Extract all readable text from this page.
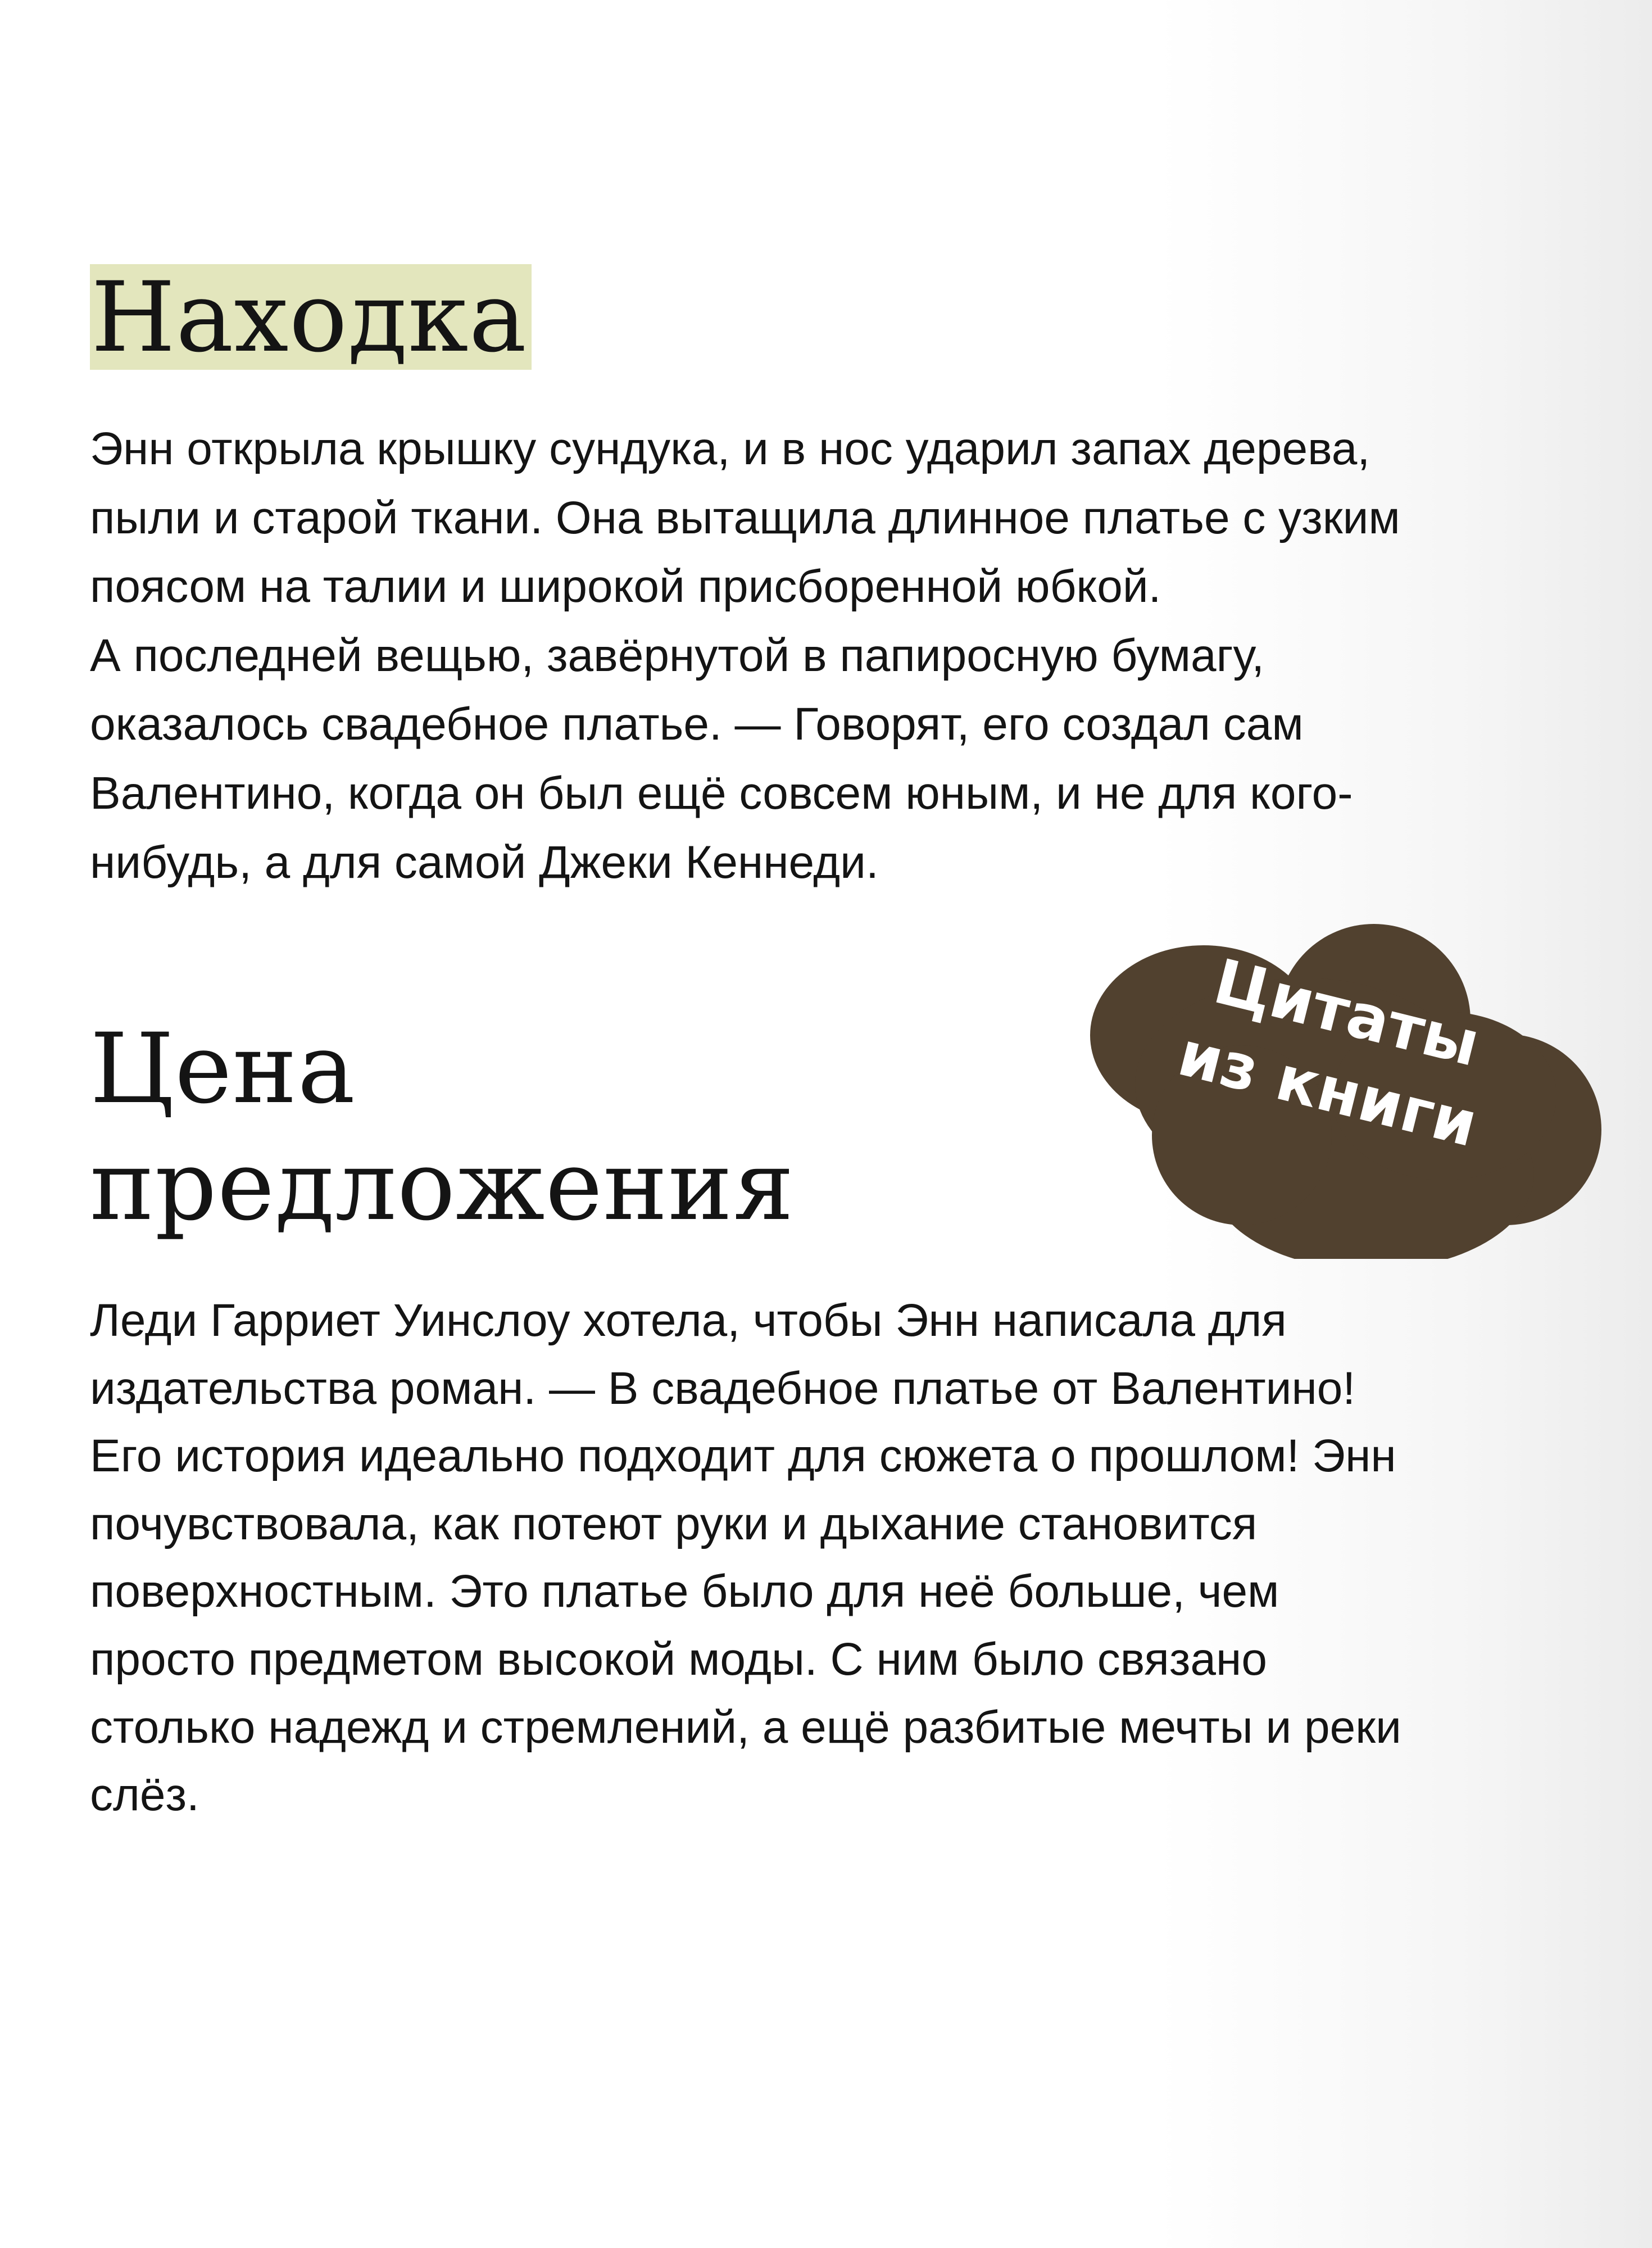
Находка

Энн открыла крышку сундука, и в нос ударил запах дерева,
пыли и старой ткани. Она вытащила длинное платье с узким
поясом на талии и широкой присборенной юбкой.
А последней вещью, завёрнутой в папиросную бумагу,
оказалось свадебное платье. — Говорят, его создал сам
Валентино, когда он был ещё совсем юным, и не для кого-
нибудь, а для самой Джеки Кеннеди.

Цитаты
из книги
Цена
предложения

Леди Гарриет Уинслоу хотела, чтобы Энн написала для
издательства роман. — В свадебное платье от Валентино!
Его история идеально подходит для сюжета о прошлом! Энн
почувствовала, как потеют руки и дыхание становится
поверхностным. Это платье было для неё больше, чем
просто предметом высокой моды. С ним было связано
столько надежд и стремлений, а ещё разбитые мечты и реки
слёз.
